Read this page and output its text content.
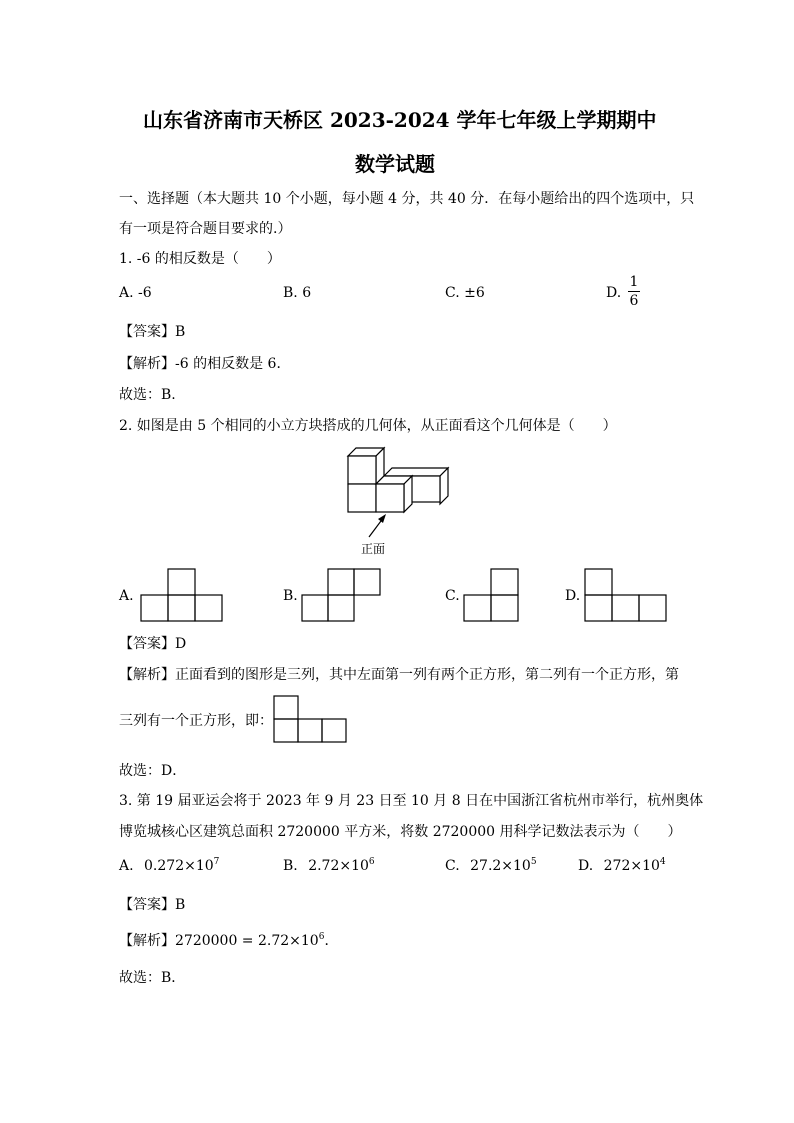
山东省济南市天桥区 2023-2024 学年七年级上学期期中
数学试题
一、选择题（本大题共 10 个小题，每小题 4 分，共 40 分．在每小题给出的四个选项中，只
有一项是符合题目要求的.）
1. -6 的相反数是（　　）
A. -6	B. 6	C. ±6	D.
1
6
【答案】B
【解析】-6 的相反数是 6．
故选：B.
2. 如图是由 5 个相同的小立方块搭成的几何体，从正面看这个几何体是（　　）
正面
A.	B.	C.	D.
【答案】D
【解析】正面看到的图形是三列，其中左面第一列有两个正方形，第二列有一个正方形，第
三列有一个正方形，即：
故选：D．
3. 第 19 届亚运会将于 2023 年 9 月 23 日至 10 月 8 日在中国浙江省杭州市举行，杭州奥体
博览城核心区建筑总面积 2720000 平方米，将数 2720000 用科学记数法表示为（　　）
A. $0.272\times 10^7$	B. $2.72\times 10^6$	C. $27.2\times 10^5$	D. $272\times 10^4$
【答案】B
【解析】$2720000 = 2.72\times 10^6$．
故选：B．
